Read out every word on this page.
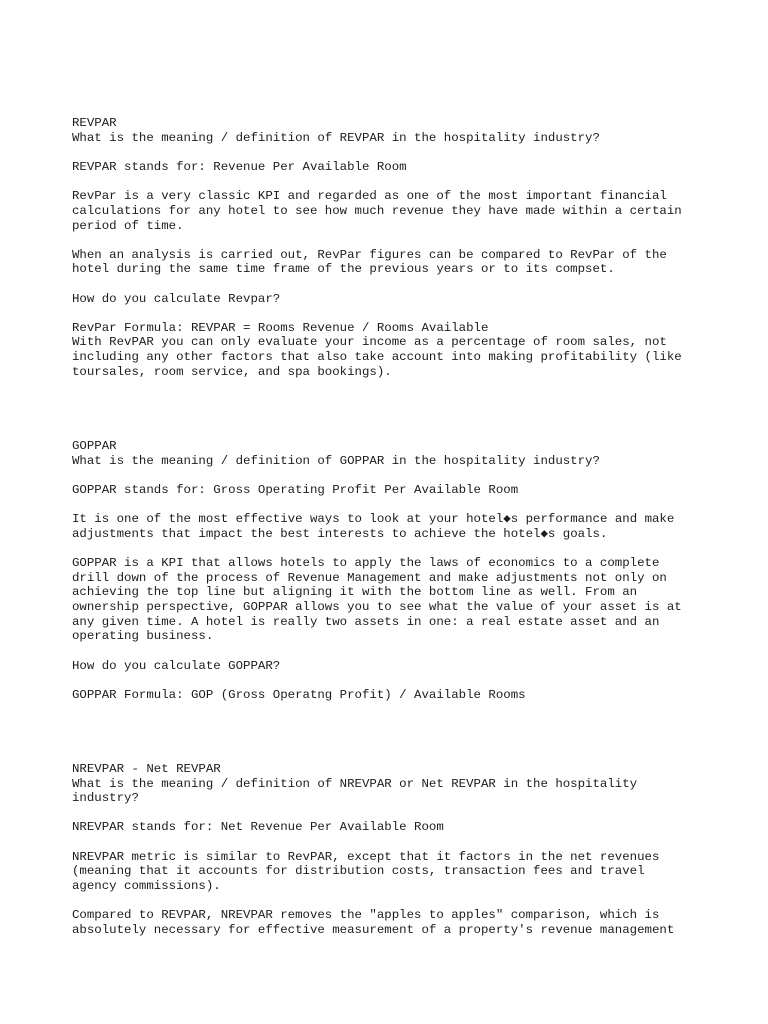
REVPAR

What is the meaning / definition of REVPAR in the hospitality industry?

REVPAR stands for: Revenue Per Available Room

RevPar is a very classic KPI and regarded as one of the most important financial

calculations for any hotel to see how much revenue they have made within a certain

period of time.

When an analysis is carried out, RevPar figures can be compared to RevPar of the

hotel during the same time frame of the previous years or to its compset.

How do you calculate Revpar?

RevPar Formula: REVPAR = Rooms Revenue / Rooms Available

With RevPAR you can only evaluate your income as a percentage of room sales, not

including any other factors that also take account into making profitability (like

toursales, room service, and spa bookings).

GOPPAR

What is the meaning / definition of GOPPAR in the hospitality industry?

GOPPAR stands for: Gross Operating Profit Per Available Room

It is one of the most effective ways to look at your hotel◆s performance and make

adjustments that impact the best interests to achieve the hotel◆s goals.

GOPPAR is a KPI that allows hotels to apply the laws of economics to a complete

drill down of the process of Revenue Management and make adjustments not only on

achieving the top line but aligning it with the bottom line as well. From an

ownership perspective, GOPPAR allows you to see what the value of your asset is at

any given time. A hotel is really two assets in one: a real estate asset and an

operating business.

How do you calculate GOPPAR?

GOPPAR Formula: GOP (Gross Operatng Profit) / Available Rooms

NREVPAR - Net REVPAR

What is the meaning / definition of NREVPAR or Net REVPAR in the hospitality

industry?

NREVPAR stands for: Net Revenue Per Available Room

NREVPAR metric is similar to RevPAR, except that it factors in the net revenues

(meaning that it accounts for distribution costs, transaction fees and travel

agency commissions).

Compared to REVPAR, NREVPAR removes the "apples to apples" comparison, which is

absolutely necessary for effective measurement of a property's revenue management
